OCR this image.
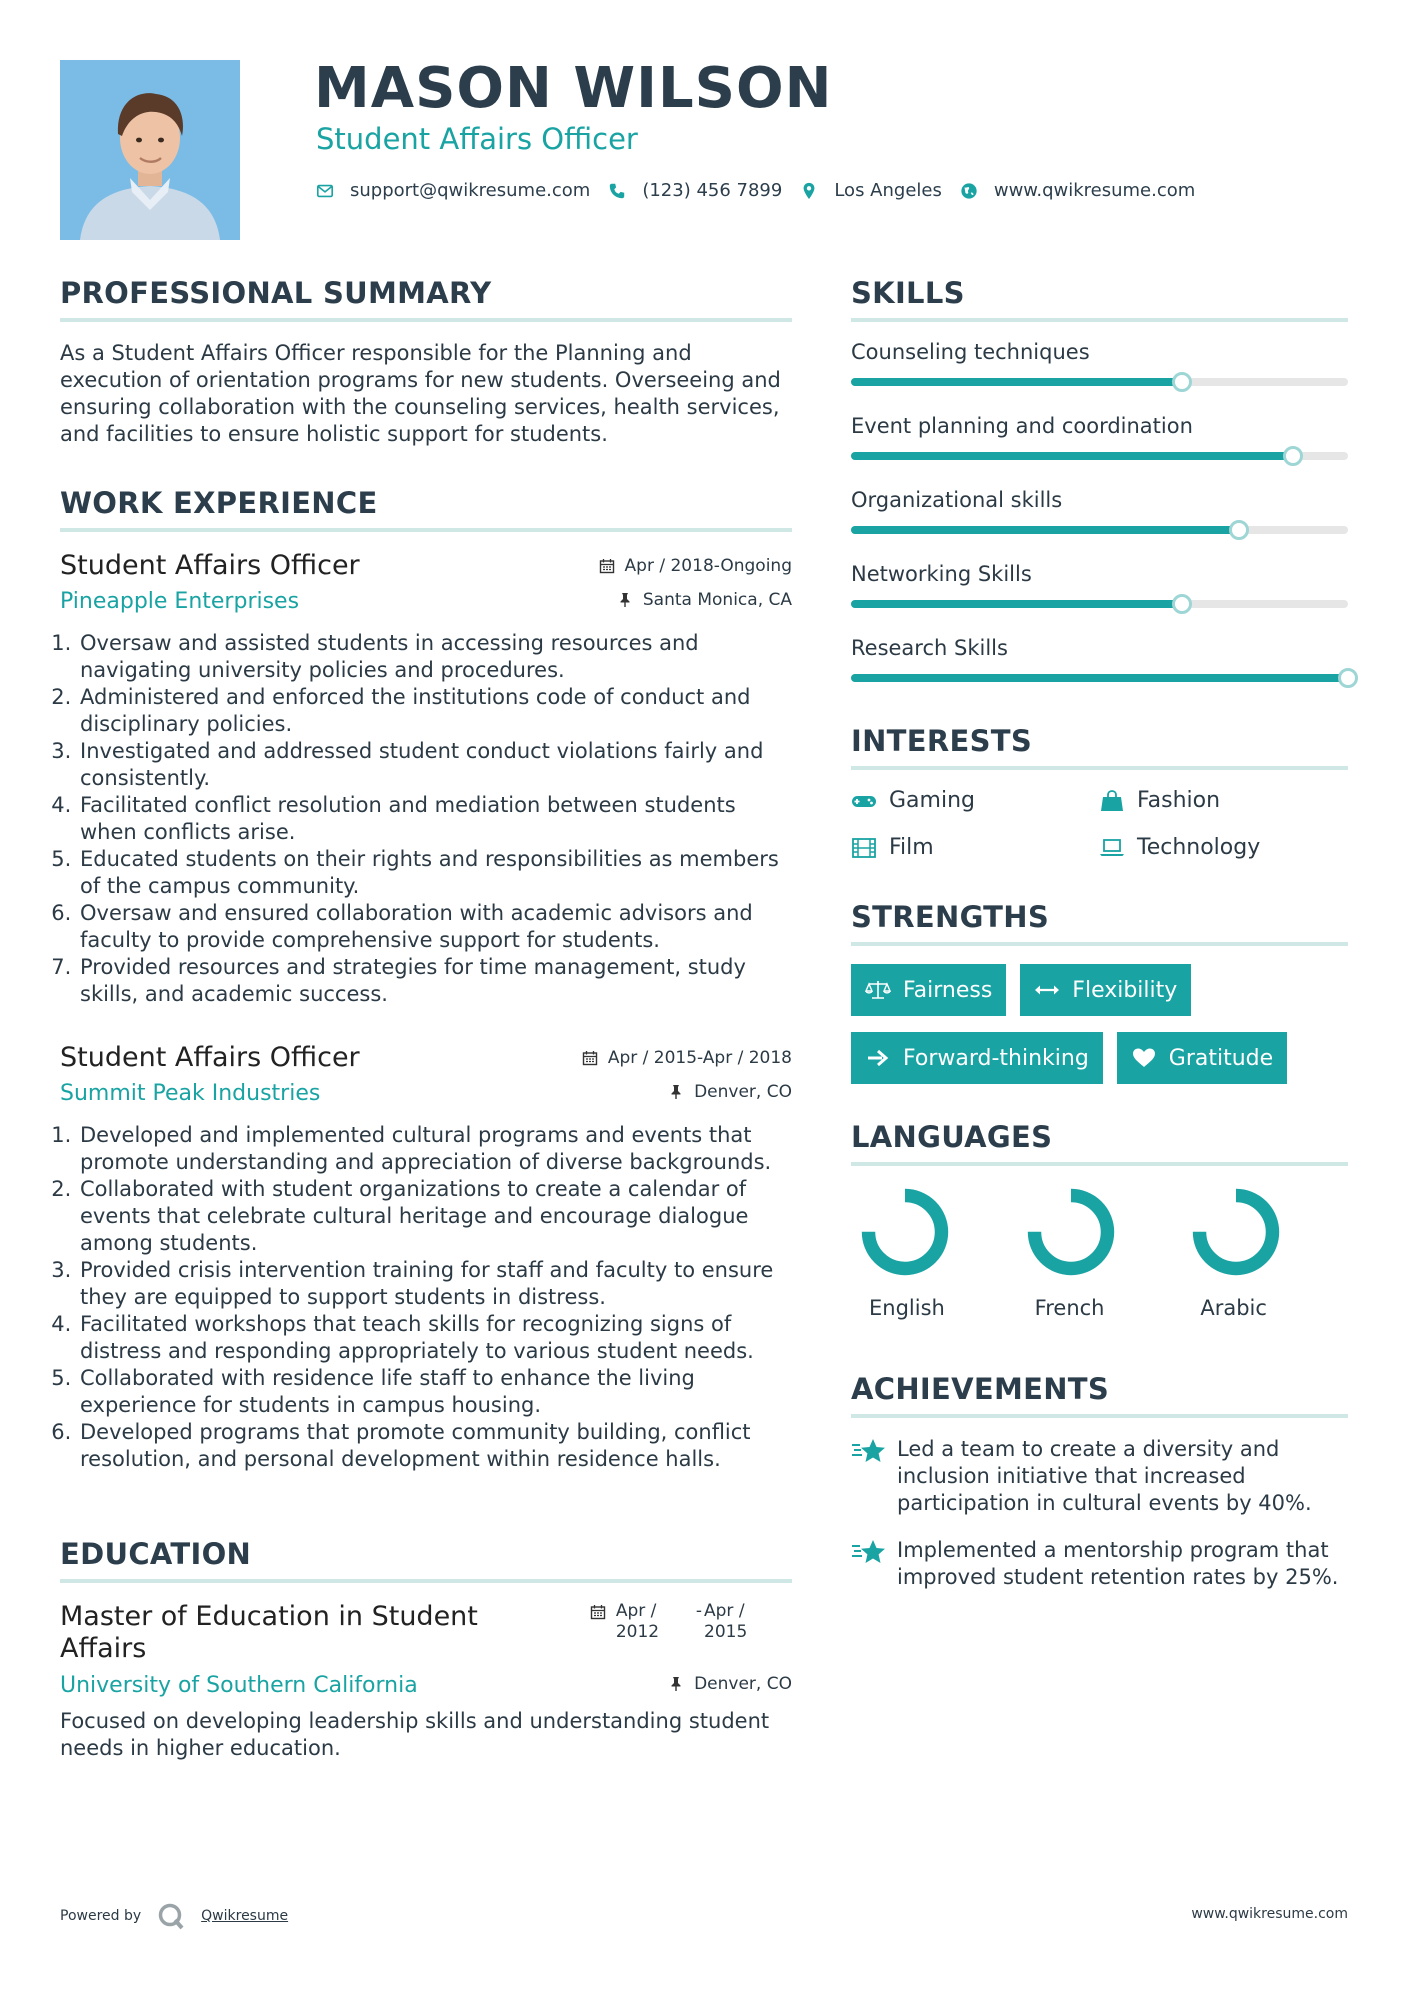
MASON WILSON
Student Affairs Officer
support@qwikresume.com	(123) 456 7899	Los Angeles	www.qwikresume.com
PROFESSIONAL SUMMARY

As a Student Affairs Officer responsible for the Planning and execution of orientation programs for new students. Overseeing and ensuring collaboration with the counseling services, health services, and facilities to ensure holistic support for students.

WORK EXPERIENCE
Student Affairs Officer	Apr / 2018-Ongoing
Pineapple Enterprises	Santa Monica, CA
1. Oversaw and assisted students in accessing resources and navigating university policies and procedures.
2. Administered and enforced the institutions code of conduct and disciplinary policies.
3. Investigated and addressed student conduct violations fairly and consistently.
4. Facilitated conflict resolution and mediation between students when conflicts arise.
5. Educated students on their rights and responsibilities as members of the campus community.
6. Oversaw and ensured collaboration with academic advisors and faculty to provide comprehensive support for students.
7. Provided resources and strategies for time management, study skills, and academic success.
Student Affairs Officer	Apr / 2015-Apr / 2018
Summit Peak Industries	Denver, CO
1. Developed and implemented cultural programs and events that promote understanding and appreciation of diverse backgrounds.
2. Collaborated with student organizations to create a calendar of events that celebrate cultural heritage and encourage dialogue among students.
3. Provided crisis intervention training for staff and faculty to ensure they are equipped to support students in distress.
4. Facilitated workshops that teach skills for recognizing signs of distress and responding appropriately to various student needs.
5. Collaborated with residence life staff to enhance the living experience for students in campus housing.
6. Developed programs that promote community building, conflict resolution, and personal development within residence halls.
EDUCATION
Master of Education in Student Affairs
Apr / 2012
- Apr / 2015
University of Southern California	Denver, CO

Focused on developing leadership skills and understanding student needs in higher education.

SKILLS
Counseling techniques
Event planning and coordination
Organizational skills
Networking Skills
Research Skills
INTERESTS
Gaming	Fashion
Film	Technology
STRENGTHS
Fairness	Flexibility
Forward-thinking	Gratitude
LANGUAGES
English	French	Arabic
ACHIEVEMENTS
Led a team to create a diversity and inclusion initiative that increased participation in cultural events by 40%.
Implemented a mentorship program that improved student retention rates by 25%.
Powered by	Qwikresume	www.qwikresume.com
